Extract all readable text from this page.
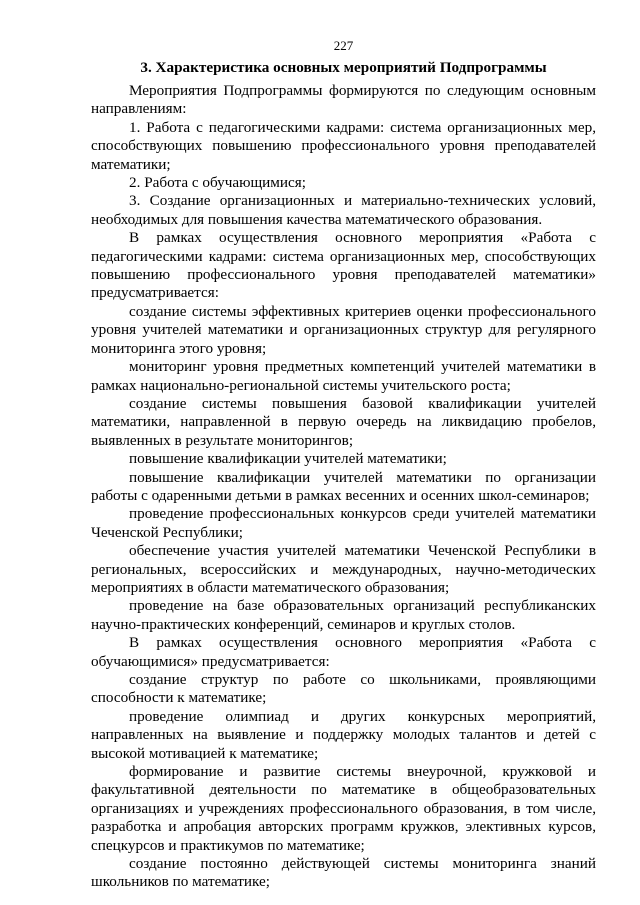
227
3. Характеристика основных мероприятий Подпрограммы

Мероприятия Подпрограммы формируются по следующим основным направлениям:

1. Работа с педагогическими кадрами: система организационных мер, способствующих повышению профессионального уровня преподавателей математики;

2. Работа с обучающимися;

3. Создание организационных и материально-технических условий, необходимых для повышения качества математического образования.

В рамках осуществления основного мероприятия «Работа с педагогическими кадрами: система организационных мер, способствующих повышению профессионального уровня преподавателей математики» предусматривается:

создание системы эффективных критериев оценки профессионального уровня учителей математики и организационных структур для регулярного мониторинга этого уровня;

мониторинг уровня предметных компетенций учителей математики в рамках национально-региональной системы учительского роста;

создание системы повышения базовой квалификации учителей математики, направленной в первую очередь на ликвидацию пробелов, выявленных в результате мониторингов;

повышение квалификации учителей математики;

повышение квалификации учителей математики по организации работы с одаренными детьми в рамках весенних и осенних школ-семинаров;

проведение профессиональных конкурсов среди учителей математики Чеченской Республики;

обеспечение участия учителей математики Чеченской Республики в региональных, всероссийских и международных, научно-методических мероприятиях в области математического образования;

проведение на базе образовательных организаций республиканских научно-практических конференций, семинаров и круглых столов.

В рамках осуществления основного мероприятия «Работа с обучающимися» предусматривается:

создание структур по работе со школьниками, проявляющими способности к математике;

проведение олимпиад и других конкурсных мероприятий, направленных на выявление и поддержку молодых талантов и детей с высокой мотивацией к математике;

формирование и развитие системы внеурочной, кружковой и факультативной деятельности по математике в общеобразовательных организациях и учреждениях профессионального образования, в том числе, разработка и апробация авторских программ кружков, элективных курсов, спецкурсов и практикумов по математике;

создание постоянно действующей системы мониторинга знаний школьников по математике;
